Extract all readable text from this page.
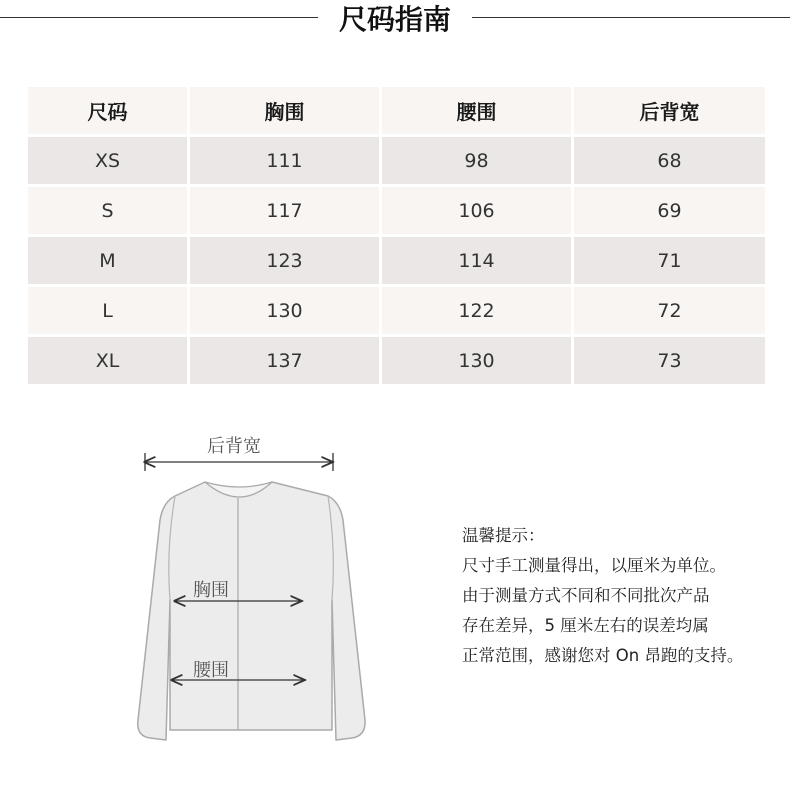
尺码指南
尺码	胸围	腰围	后背宽
XS	111	98	68
S	117	106	69
M	123	114	71
L	130	122	72
XL	137	130	73
后背宽
胸围
腰围
温馨提示：
尺寸手工测量得出，以厘米为单位。
由于测量方式不同和不同批次产品
存在差异，5 厘米左右的误差均属
正常范围，感谢您对 On 昂跑的支持。
